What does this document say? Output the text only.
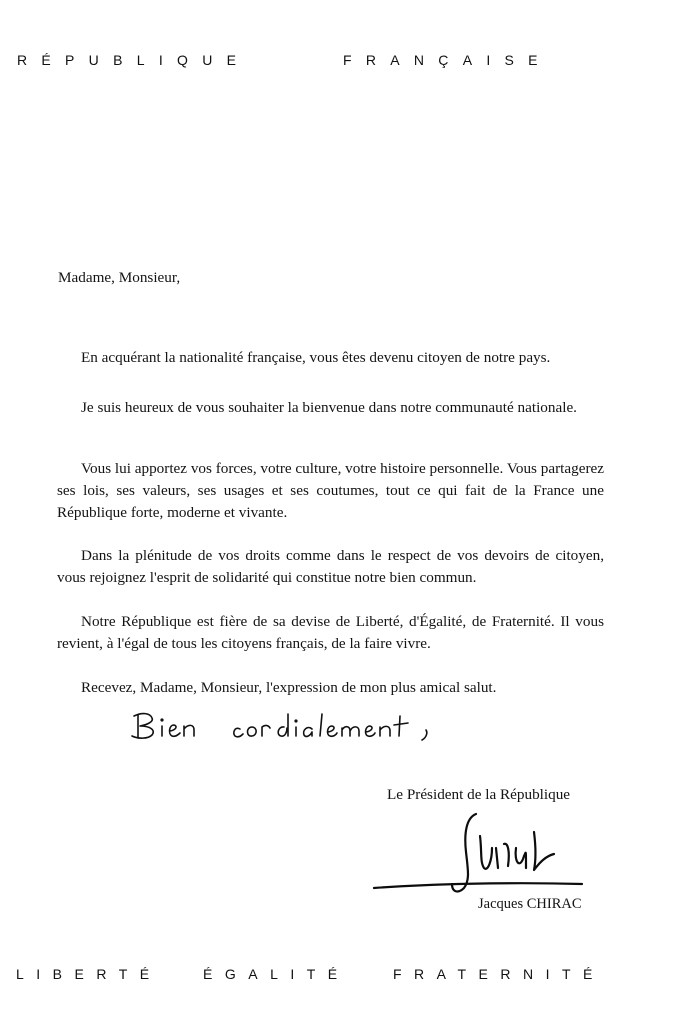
RÉPUBLIQUE	FRANÇAISE
Madame, Monsieur,

En acquérant la nationalité française, vous êtes devenu citoyen de notre pays.

Je suis heureux de vous souhaiter la bienvenue dans notre communauté nationale.

Vous lui apportez vos forces, votre culture, votre histoire personnelle. Vous partagerez ses lois, ses valeurs, ses usages et ses coutumes, tout ce qui fait de la France une République forte, moderne et vivante.

Dans la plénitude de vos droits comme dans le respect de vos devoirs de citoyen, vous rejoignez l'esprit de solidarité qui constitue notre bien commun.

Notre République est fière de sa devise de Liberté, d'Égalité, de Fraternité. Il vous revient, à l'égal de tous les citoyens français, de la faire vivre.

Recevez, Madame, Monsieur, l'expression de mon plus amical salut.

Le Président de la République
Jacques CHIRAC
LIBERTÉ	ÉGALITÉ	FRATERNITÉ
